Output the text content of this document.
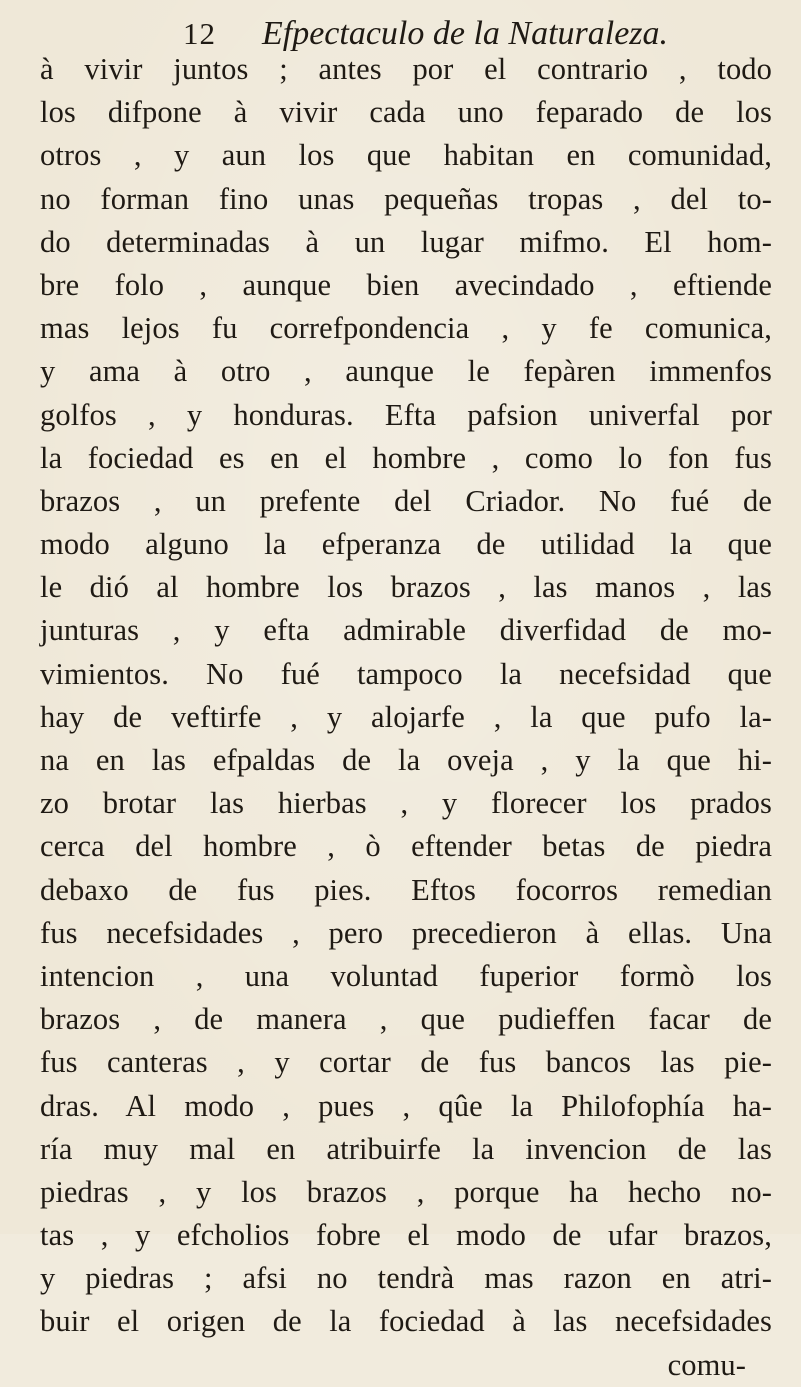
12 Efpectaculo de la Naturaleza.
à vivir juntos ; antes por el contrario , todo
los difpone à vivir cada uno feparado de los
otros , y aun los que habitan en comunidad,
no forman fino unas pequeñas tropas , del to-
do determinadas à un lugar mifmo. El hom-
bre folo , aunque bien avecindado , eftiende
mas lejos fu correfpondencia , y fe comunica,
y ama à otro , aunque le fepàren immenfos
golfos , y honduras. Efta pafsion univerfal por
la fociedad es en el hombre , como lo fon fus
brazos , un prefente del Criador. No fué de
modo alguno la efperanza de utilidad la que
le dió al hombre los brazos , las manos , las
junturas , y efta admirable diverfidad de mo-
vimientos. No fué tampoco la necefsidad que
hay de veftirfe , y alojarfe , la que pufo la-
na en las efpaldas de la oveja , y la que hi-
zo brotar las hierbas , y florecer los prados
cerca del hombre , ò eftender betas de piedra
debaxo de fus pies. Eftos focorros remedian
fus necefsidades , pero precedieron à ellas. Una
intencion , una voluntad fuperior formò los
brazos , de manera , que pudieffen facar de
fus canteras , y cortar de fus bancos las pie-
dras. Al modo , pues , qûe la Philofophía ha-
ría muy mal en atribuirfe la invencion de las
piedras , y los brazos , porque ha hecho no-
tas , y efcholios fobre el modo de ufar brazos,
y piedras ; afsi no tendrà mas razon en atri-
buir el origen de la fociedad à las necefsidades
comu-
